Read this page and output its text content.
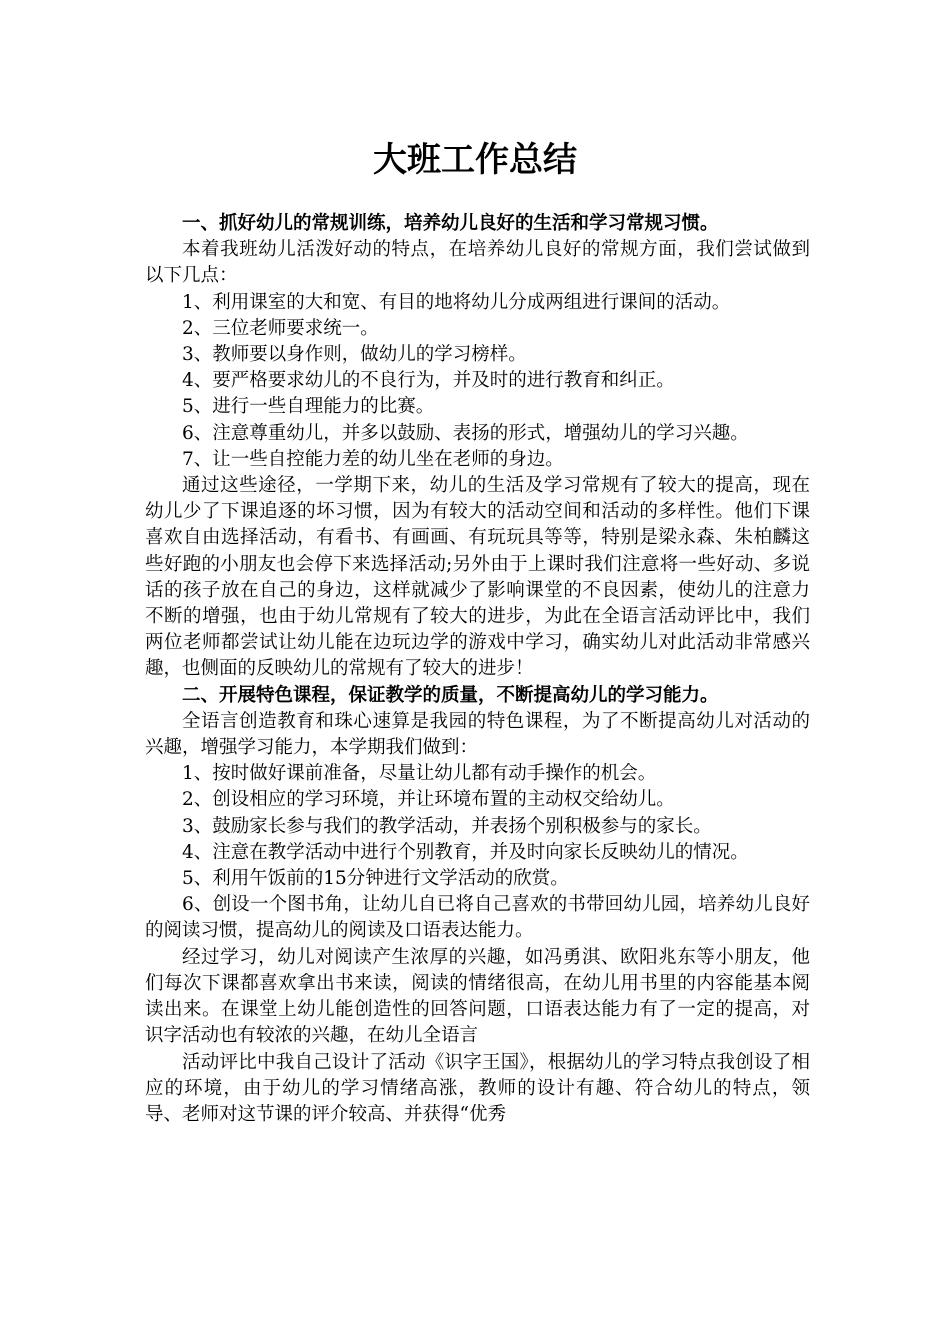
大班工作总结

一、抓好幼儿的常规训练，培养幼儿良好的生活和学习常规习惯。

本着我班幼儿活泼好动的特点，在培养幼儿良好的常规方面，我们尝试做到以下几点：

1、利用课室的大和宽、有目的地将幼儿分成两组进行课间的活动。

2、三位老师要求统一。

3、教师要以身作则，做幼儿的学习榜样。

4、要严格要求幼儿的不良行为，并及时的进行教育和纠正。

5、进行一些自理能力的比赛。

6、注意尊重幼儿，并多以鼓励、表扬的形式，增强幼儿的学习兴趣。

7、让一些自控能力差的幼儿坐在老师的身边。

通过这些途径，一学期下来，幼儿的生活及学习常规有了较大的提高，现在幼儿少了下课追逐的坏习惯，因为有较大的活动空间和活动的多样性。他们下课喜欢自由选择活动，有看书、有画画、有玩玩具等等，特别是梁永森、朱柏麟这些好跑的小朋友也会停下来选择活动;另外由于上课时我们注意将一些好动、多说话的孩子放在自己的身边，这样就减少了影响课堂的不良因素，使幼儿的注意力不断的增强，也由于幼儿常规有了较大的进步，为此在全语言活动评比中，我们两位老师都尝试让幼儿能在边玩边学的游戏中学习，确实幼儿对此活动非常感兴趣，也侧面的反映幼儿的常规有了较大的进步！

二、开展特色课程，保证教学的质量，不断提高幼儿的学习能力。

全语言创造教育和珠心速算是我园的特色课程，为了不断提高幼儿对活动的兴趣，增强学习能力，本学期我们做到：

1、按时做好课前准备，尽量让幼儿都有动手操作的机会。

2、创设相应的学习环境，并让环境布置的主动权交给幼儿。

3、鼓励家长参与我们的教学活动，并表扬个别积极参与的家长。

4、注意在教学活动中进行个别教育，并及时向家长反映幼儿的情况。

5、利用午饭前的15分钟进行文学活动的欣赏。

6、创设一个图书角，让幼儿自已将自己喜欢的书带回幼儿园，培养幼儿良好的阅读习惯，提高幼儿的阅读及口语表达能力。

经过学习，幼儿对阅读产生浓厚的兴趣，如冯勇淇、欧阳兆东等小朋友，他们每次下课都喜欢拿出书来读，阅读的情绪很高，在幼儿用书里的内容能基本阅读出来。在课堂上幼儿能创造性的回答问题，口语表达能力有了一定的提高，对识字活动也有较浓的兴趣，在幼儿全语言

活动评比中我自己设计了活动《识字王国》，根据幼儿的学习特点我创设了相应的环境，由于幼儿的学习情绪高涨，教师的设计有趣、符合幼儿的特点，领导、老师对这节课的评介较高、并获得“优秀
